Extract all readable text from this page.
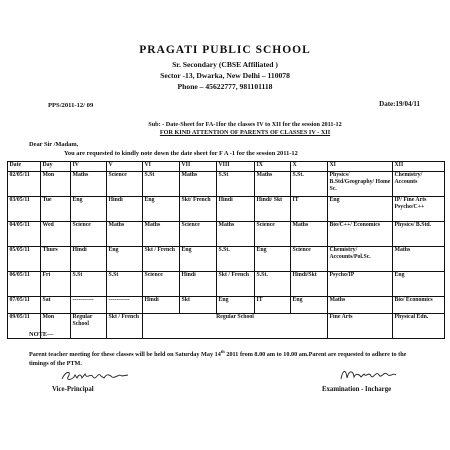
PRAGATI PUBLIC SCHOOL
Sr. Secondary (CBSE Affiliated )
Sector -13, Dwarka, New Delhi – 110078
Phone – 45622777, 981101118
PPS/2011-12/ 09	Date:19/04/11
Sub: - Date-Sheet for FA-1for the classes IV to XII for the session 2011-12
FOR KIND ATTENTION OF PARENTS OF CLASSES IV - XII
Dear Sir /Madam,
You are requested to kindly note down the date sheet for F A -1 for the session 2011-12
Date	Day	IV	V	VI	VII	VIII	IX	X	XI	XII
02/05/11	Mon	Maths	Science	S.St	Maths	S.St	Maths	S.St.	Physics/ B.Std/Geography/ Home Sc.	Chemistry/ Accounts
03/05/11	Tue	Eng	Hindi	Eng	Skt/ French	Hindi	Hindi/ Skt	IT	Eng	IP/ Fine Arts Psycho/C++
04/05/11	Wed	Science	Maths	Maths	Science	Maths	Science	Maths	Bio/C++/ Economics	Physics/ B.Std.
05/05/11	Thurs	Hindi	Eng	Skt / French	Eng	S.St.	Eng	Science	Chemistry/ Accounts/Pol.Sc.	Maths
06/05/11	Fri	S.St	S.St	Science	Hindi	Skt / French	S.St.	Hindi/Skt	Psycho/IP	Eng
07/05/11	Sat	-----------	-----------	Hindi	Skt	Eng	IT	Eng	Maths	Bio/ Economics
09/05/11	Mon	Regular School	Skt / French	Regular School					Fine Arts	Physical Edn.
NOTE—
Parent teacher meeting for these classes will be held on Saturday May 14th 2011 from 8.00 am to 10.00 am.Parent are requested to adhere to the timings of the PTM.
Vice-Principal	Examination - Incharge
